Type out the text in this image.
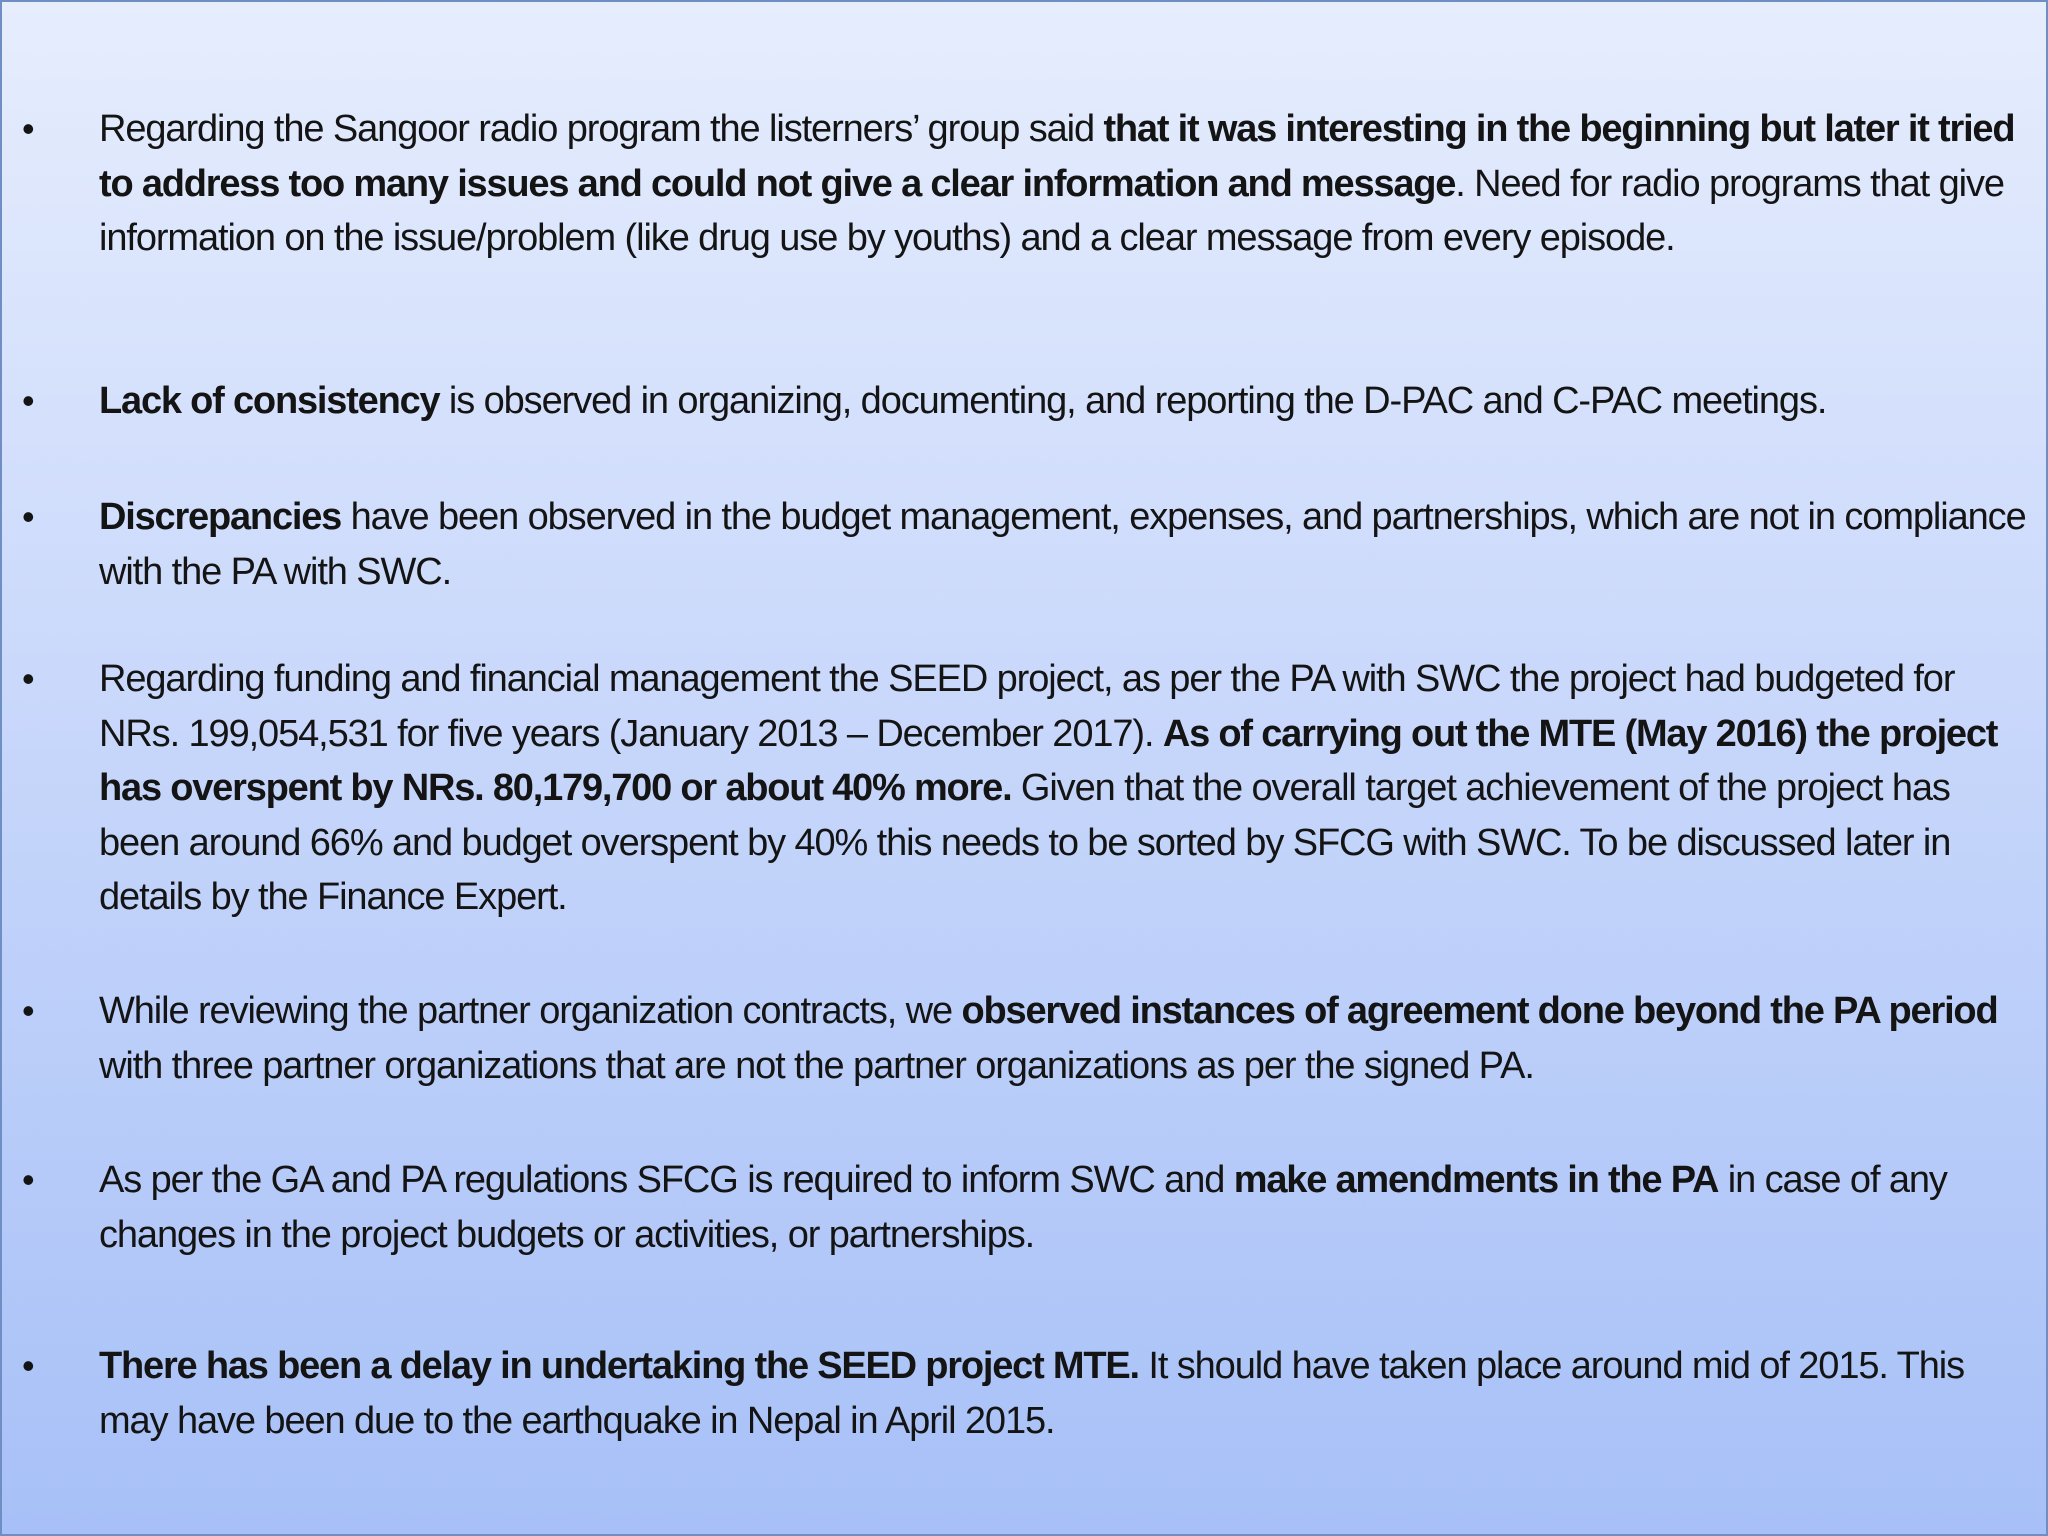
• Regarding the Sangoor radio program the listerners’ group said that it was interesting in the beginning but later it tried to address too many issues and could not give a clear information and message. Need for radio programs that give information on the issue/problem (like drug use by youths) and a clear message from every episode.
• Lack of consistency is observed in organizing, documenting, and reporting the D-PAC and C-PAC meetings.
• Discrepancies have been observed in the budget management, expenses, and partnerships, which are not in compliance with the PA with SWC.
• Regarding funding and financial management the SEED project, as per the PA with SWC the project had budgeted for NRs. 199,054,531 for five years (January 2013 – December 2017). As of carrying out the MTE (May 2016) the project has overspent by NRs. 80,179,700 or about 40% more. Given that the overall target achievement of the project has been around 66% and budget overspent by 40% this needs to be sorted by SFCG with SWC. To be discussed later in details by the Finance Expert.
• While reviewing the partner organization contracts, we observed instances of agreement done beyond the PA period with three partner organizations that are not the partner organizations as per the signed PA.
• As per the GA and PA regulations SFCG is required to inform SWC and make amendments in the PA in case of any changes in the project budgets or activities, or partnerships.
• There has been a delay in undertaking the SEED project MTE. It should have taken place around mid of 2015. This may have been due to the earthquake in Nepal in April 2015.
